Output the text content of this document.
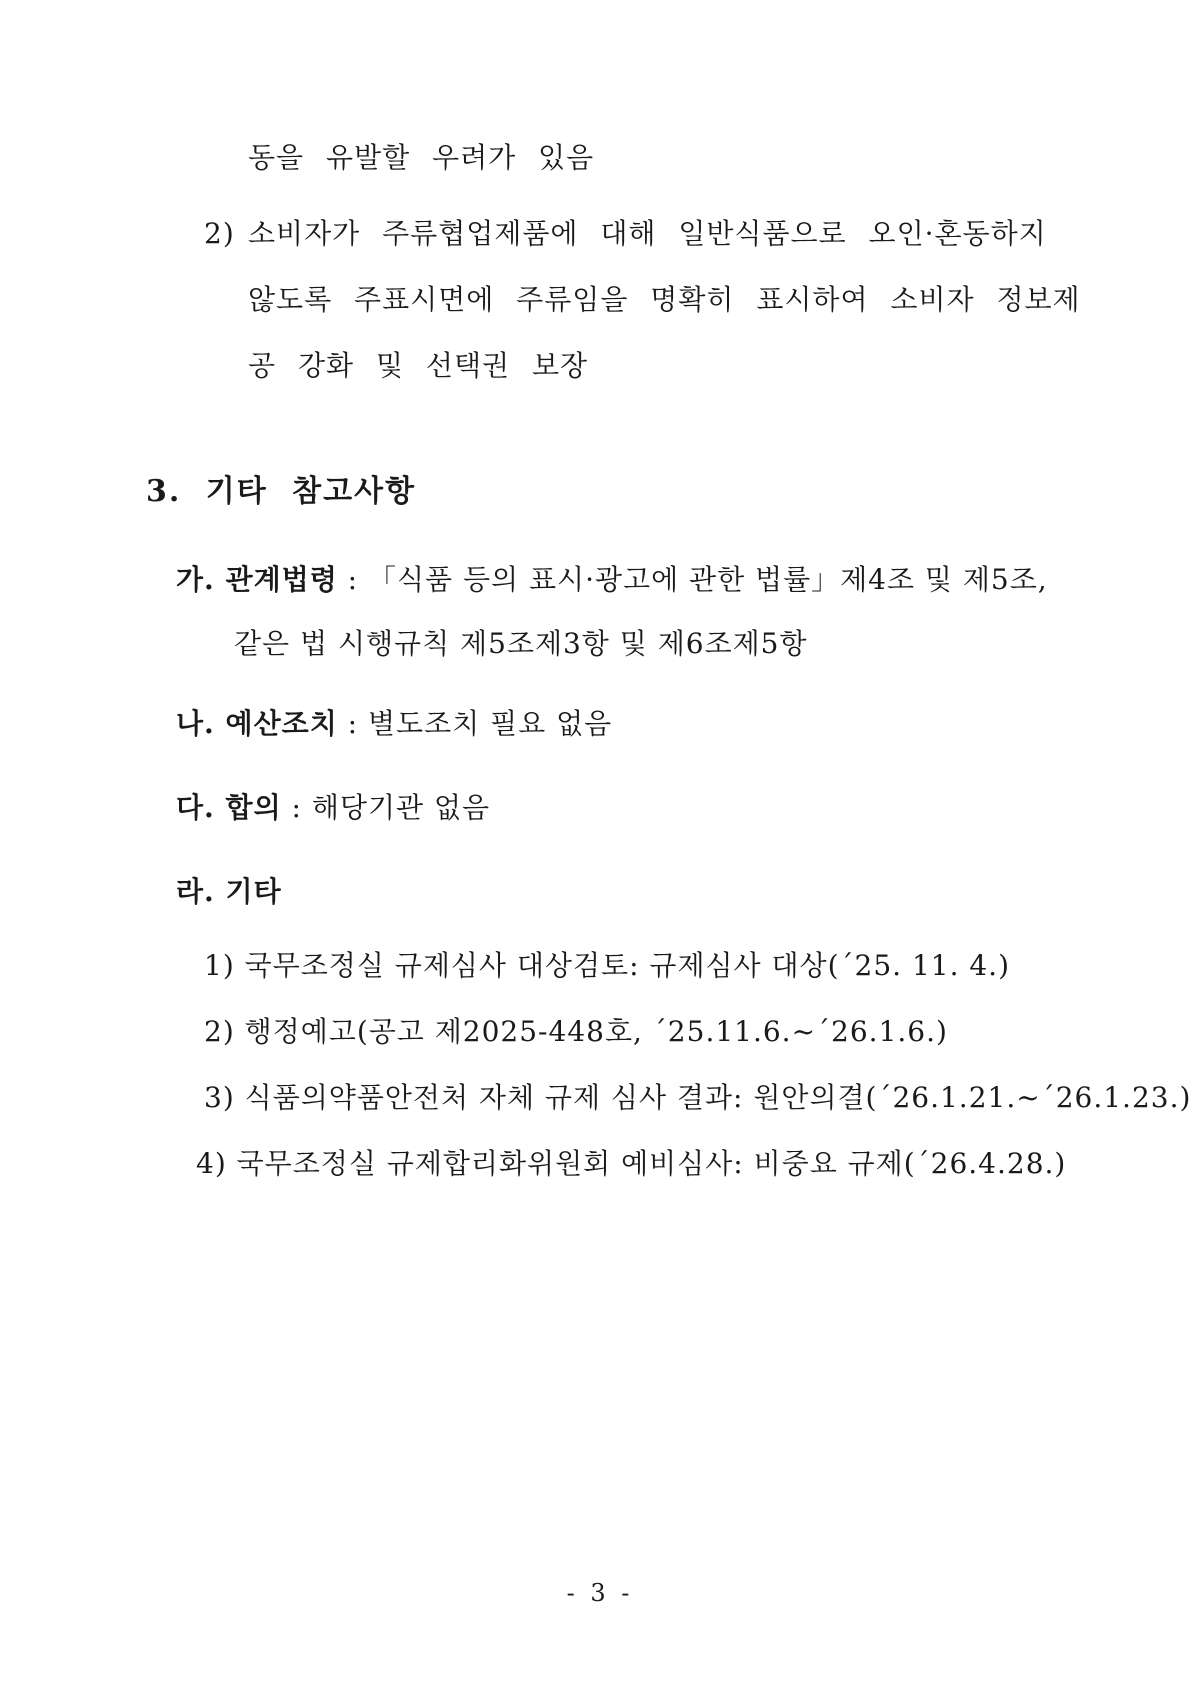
동을 유발할 우려가 있음
2) 소비자가 주류협업제품에 대해 일반식품으로 오인·혼동하지
않도록 주표시면에 주류임을 명확히 표시하여 소비자 정보제
공 강화 및 선택권 보장
3. 기타 참고사항
가. 관계법령 : 「식품 등의 표시·광고에 관한 법률」제4조 및 제5조,
같은 법 시행규칙 제5조제3항 및 제6조제5항
나. 예산조치 : 별도조치 필요 없음
다. 합의 : 해당기관 없음
라. 기타
1) 국무조정실 규제심사 대상검토: 규제심사 대상(´25. 11. 4.)
2) 행정예고(공고 제2025-448호, ´25.11.6.~´26.1.6.)
3) 식품의약품안전처 자체 규제 심사 결과: 원안의결(´26.1.21.~´26.1.23.)
4) 국무조정실 규제합리화위원회 예비심사: 비중요 규제(´26.4.28.)
- 3 -
